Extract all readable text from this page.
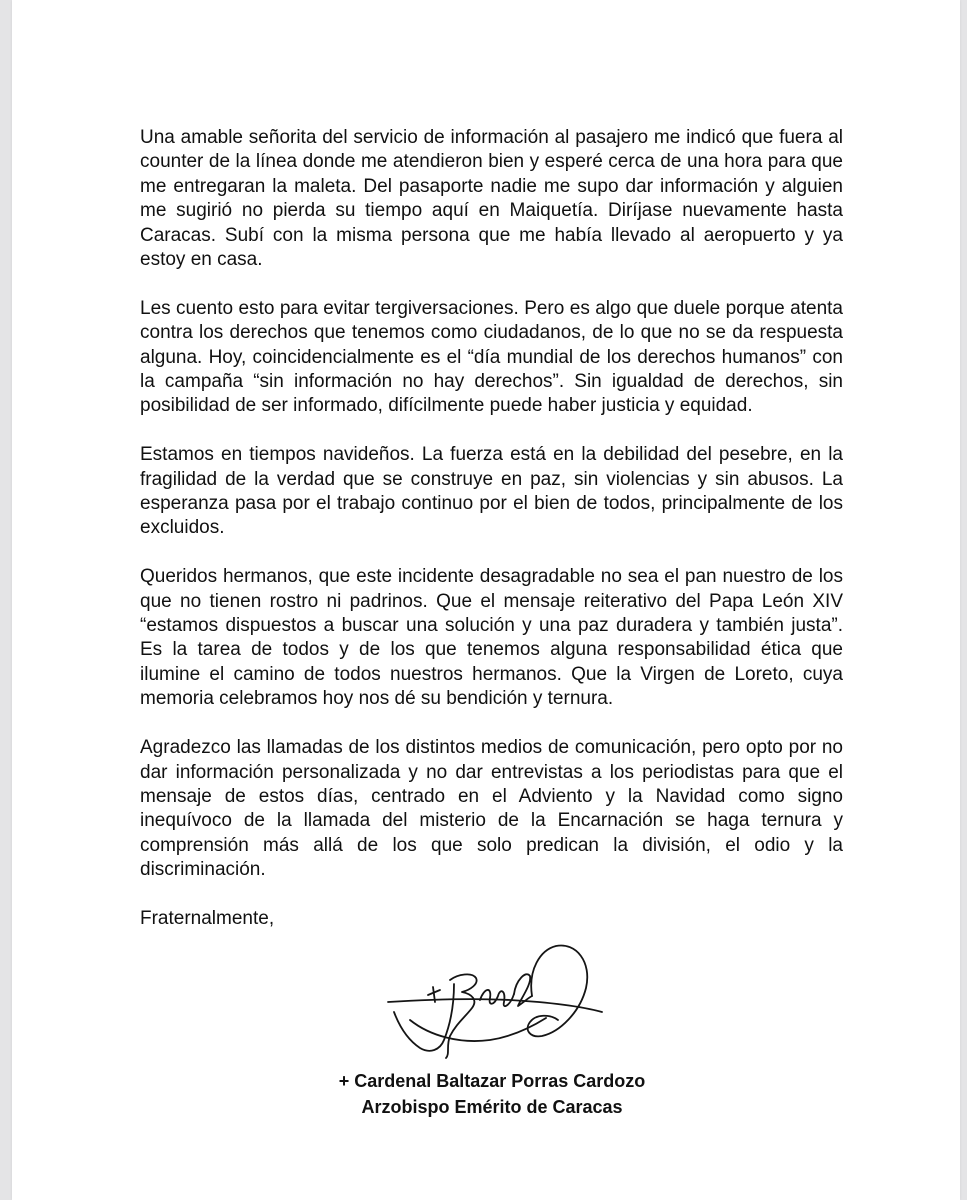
Una amable señorita del servicio de información al pasajero me indicó que fuera al counter de la línea donde me atendieron bien y esperé cerca de una hora para que me entregaran la maleta. Del pasaporte nadie me supo dar información y alguien me sugirió no pierda su tiempo aquí en Maiquetía. Diríjase nuevamente hasta Caracas. Subí con la misma persona que me había llevado al aeropuerto y ya estoy en casa.

Les cuento esto para evitar tergiversaciones. Pero es algo que duele porque atenta contra los derechos que tenemos como ciudadanos, de lo que no se da respuesta alguna. Hoy, coincidencialmente es el “día mundial de los derechos humanos” con la campaña “sin información no hay derechos”. Sin igualdad de derechos, sin posibilidad de ser informado, difícilmente puede haber justicia y equidad.

Estamos en tiempos navideños. La fuerza está en la debilidad del pesebre, en la fragilidad de la verdad que se construye en paz, sin violencias y sin abusos. La esperanza pasa por el trabajo continuo por el bien de todos, principalmente de los excluidos.

Queridos hermanos, que este incidente desagradable no sea el pan nuestro de los que no tienen rostro ni padrinos. Que el mensaje reiterativo del Papa León XIV “estamos dispuestos a buscar una solución y una paz duradera y también justa”. Es la tarea de todos y de los que tenemos alguna responsabilidad ética que ilumine el camino de todos nuestros hermanos. Que la Virgen de Loreto, cuya memoria celebramos hoy nos dé su bendición y ternura.

Agradezco las llamadas de los distintos medios de comunicación, pero opto por no dar información personalizada y no dar entrevistas a los periodistas para que el mensaje de estos días, centrado en el Adviento y la Navidad como signo inequívoco de la llamada del misterio de la Encarnación se haga ternura y comprensión más allá de los que solo predican la división, el odio y la discriminación.

Fraternalmente,

+ Cardenal Baltazar Porras Cardozo
Arzobispo Emérito de Caracas
